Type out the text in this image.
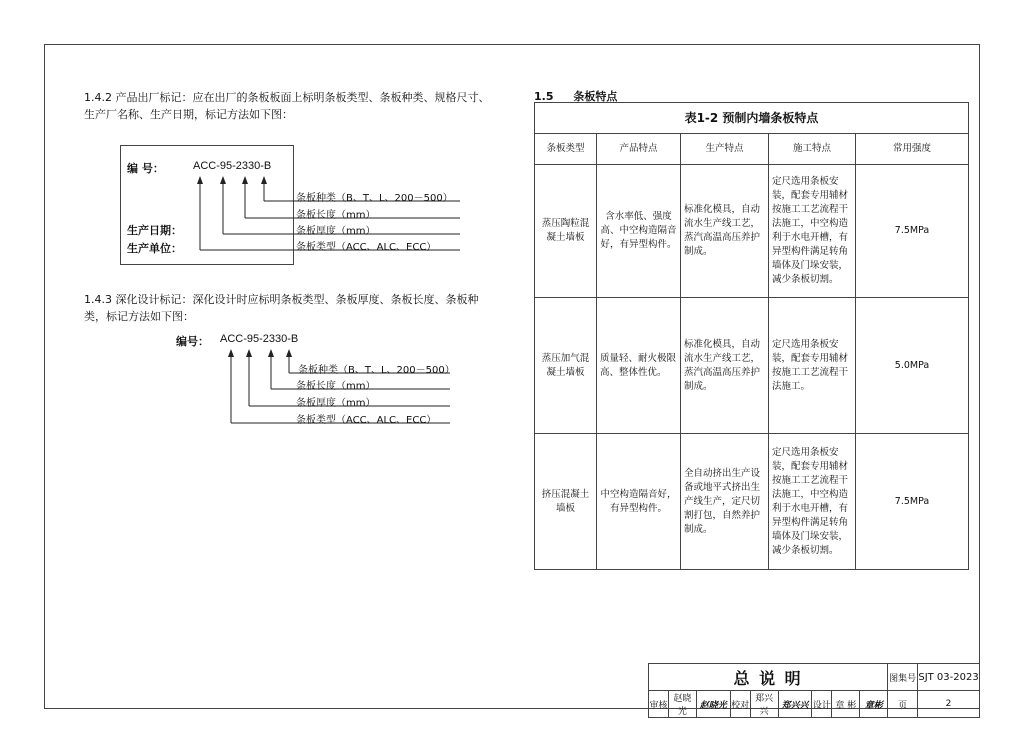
1.4.2 产品出厂标记：应在出厂的条板板面上标明条板类型、条板种类、规格尺寸、生产厂名称、生产日期，标记方法如下图：
编 号：	ACC-95-2330-B
生产日期：
生产单位：
条板种类（B、T、L、200－500）
条板长度（mm）
条板厚度（mm）
条板类型（ACC、ALC、ECC）
1.4.3 深化设计标记：深化设计时应标明条板类型、条板厚度、条板长度、条板种类，标记方法如下图：
编号： ACC-95-2330-B
条板种类（B、T、L、200－500）
条板长度（mm）
条板厚度（mm）
条板类型（ACC、ALC、ECC）
1.5 条板特点
表1-2 预制内墙条板特点				
条板类型	产品特点	生产特点	施工特点	常用强度
蒸压陶粒混凝土墙板	含水率低、强度高、中空构造隔音好，有异型构件。	标准化模具，自动流水生产线工艺，蒸汽高温高压养护制成。	定尺选用条板安装，配套专用辅材按施工工艺流程干法施工，中空构造利于水电开槽，有异型构件满足转角墙体及门垛安装，减少条板切割。	7.5MPa
蒸压加气混凝土墙板	质量轻、耐火极限高、整体性优。	标准化模具，自动流水生产线工艺，蒸汽高温高压养护制成。	定尺选用条板安装，配套专用辅材按施工工艺流程干法施工。	5.0MPa
挤压混凝土墙板	中空构造隔音好，有异型构件。	全自动挤出生产设备或地平式挤出生产线生产，定尺切割打包，自然养护制成。	定尺选用条板安装，配套专用辅材按施工工艺流程干法施工，中空构造利于水电开槽，有异型构件满足转角墙体及门垛安装，减少条板切割。	7.5MPa
总 说 明									图集号	SJT 03-2023
审核	赵晓光	赵晓光	校对	郑兴兴	郑兴兴	设计	章 彬	章彬	页	2
